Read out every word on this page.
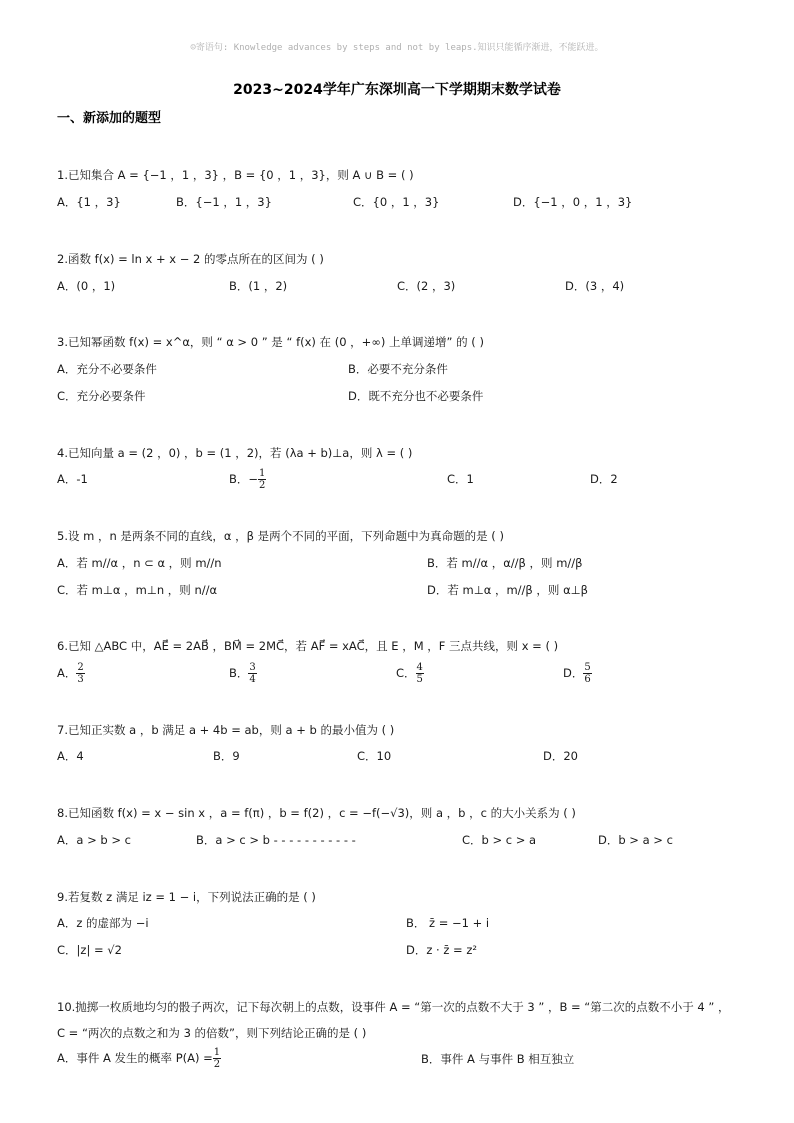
☺寄语句: Knowledge advances by steps and not by leaps.知识只能循序渐进，不能跃进。
2023~2024学年广东深圳高一下学期期末数学试卷
一、新添加的题型
1.已知集合 A = {−1 ，1 ，3} ，B = {0 ，1 ，3}，则 A ∪ B = ( )
A．{1 ，3}	B．{−1 ，1 ，3}	C．{0 ，1 ，3}	D．{−1 ，0 ，1 ，3}
2.函数 f(x) = ln x + x − 2 的零点所在的区间为 ( )
A．(0 ，1)	B．(1 ，2)	C．(2 ，3)	D．(3 ，4)
3.已知幂函数 f(x) = x^α，则 “ α > 0 ” 是 “ f(x) 在 (0 ，+∞) 上单调递增” 的 ( )
A．充分不必要条件	B．必要不充分条件
C．充分必要条件	D．既不充分也不必要条件
4.已知向量 a = (2 ，0) ，b = (1 ，2)，若 (λa + b)⊥a，则 λ = ( )
A．-1	B．− $\frac{1}{2}$	C．1	D．2
5.设 m ，n 是两条不同的直线，α ，β 是两个不同的平面，下列命题中为真命题的是 ( )
A．若 m//α ，n ⊂ α ，则 m//n	B．若 m//α ，α//β ，则 m//β
C．若 m⊥α ，m⊥n ，则 n//α	D．若 m⊥α ，m//β ，则 α⊥β
6.已知 △ABC 中，AE⃗ = 2AB⃗ ，BM⃗ = 2MC⃗，若 AF⃗ = xAC⃗，且 E ，M ，F 三点共线，则 x = ( )
A． $\frac{2}{3}$	B． $\frac{3}{4}$	C． $\frac{4}{5}$	D． $\frac{5}{6}$
7.已知正实数 a ，b 满足 a + 4b = ab，则 a + b 的最小值为 ( )
A．4	B．9	C．10	D．20
8.已知函数 f(x) = x − sin x ，a = f(π) ，b = f(2) ，c = −f(−√3)，则 a ，b ，c 的大小关系为 ( )
A．a > b > c	B．a > c > b - - - - - - - - - - -	C．b > c > a	D．b > a > c
9.若复数 z 满足 iz = 1 − i，下列说法正确的是 ( )
A．z 的虚部为 −i	B． z̄ = −1 + i
C．|z| = √2	D．z · z̄ = z²
10.抛掷一枚质地均匀的骰子两次，记下每次朝上的点数，设事件 A = “第一次的点数不大于 3 ” ，B = “第二次的点数不小于 4 ” ，
C = “两次的点数之和为 3 的倍数”，则下列结论正确的是 ( )
A．事件 A 发生的概率 $P(A) = \frac{1}{2}$	B．事件 A 与事件 B 相互独立
